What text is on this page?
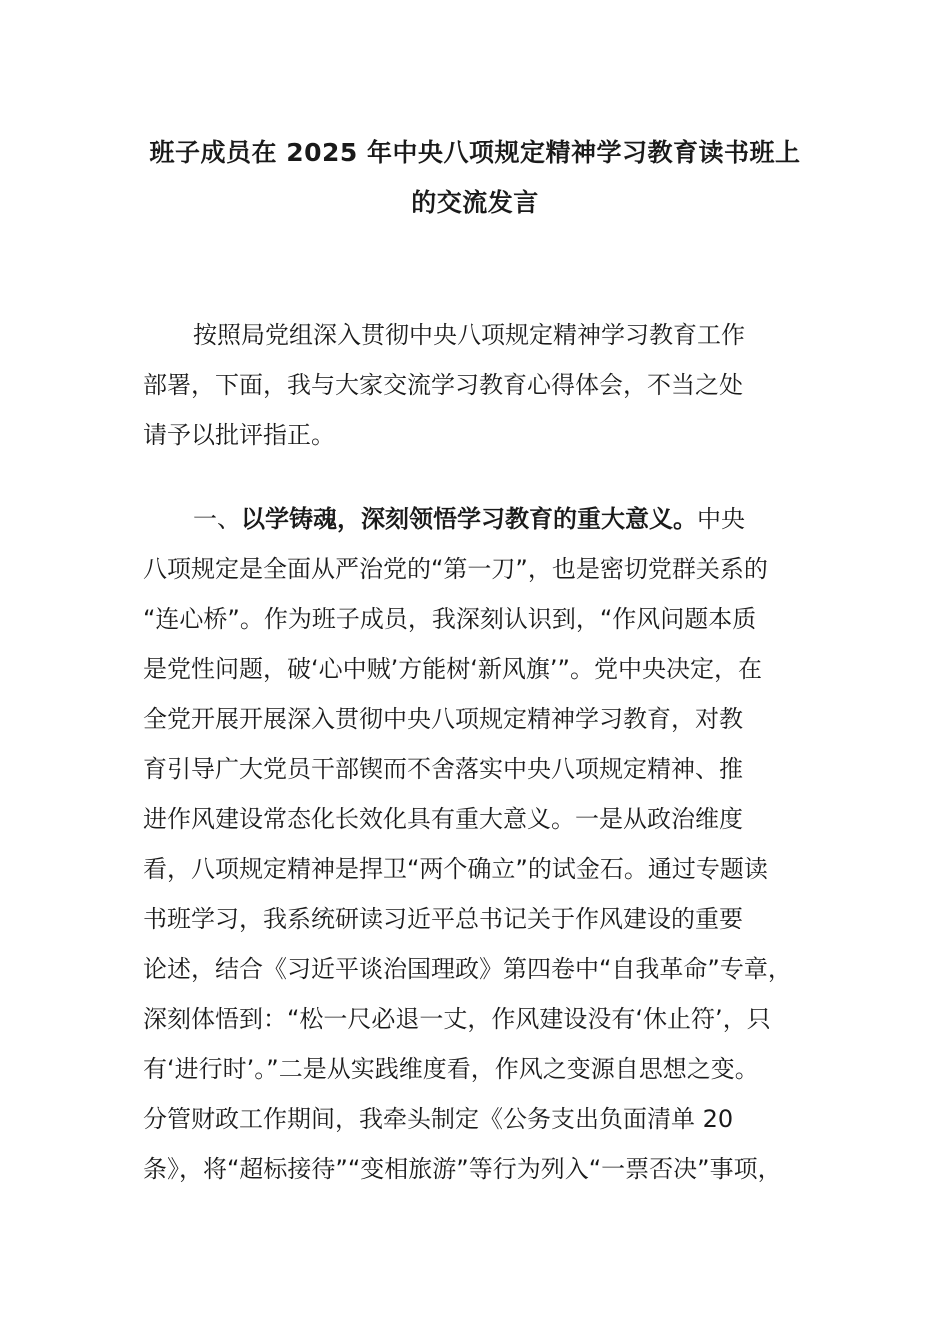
班子成员在 2025 年中央八项规定精神学习教育读书班上
的交流发言
按照局党组深入贯彻中央八项规定精神学习教育工作
部署，下面，我与大家交流学习教育心得体会，不当之处
请予以批评指正。
一、以学铸魂，深刻领悟学习教育的重大意义。中央
八项规定是全面从严治党的“第一刀”，也是密切党群关系的
“连心桥”。作为班子成员，我深刻认识到，“作风问题本质
是党性问题，破‘心中贼’方能树‘新风旗’”。党中央决定，在
全党开展开展深入贯彻中央八项规定精神学习教育，对教
育引导广大党员干部锲而不舍落实中央八项规定精神、推
进作风建设常态化长效化具有重大意义。一是从政治维度
看，八项规定精神是捍卫“两个确立”的试金石。通过专题读
书班学习，我系统研读习近平总书记关于作风建设的重要
论述，结合《习近平谈治国理政》第四卷中“自我革命”专章，
深刻体悟到：“松一尺必退一丈，作风建设没有‘休止符’，只
有‘进行时’。”二是从实践维度看，作风之变源自思想之变。
分管财政工作期间，我牵头制定《公务支出负面清单 20
条》，将“超标接待”“变相旅游”等行为列入“一票否决”事项，
